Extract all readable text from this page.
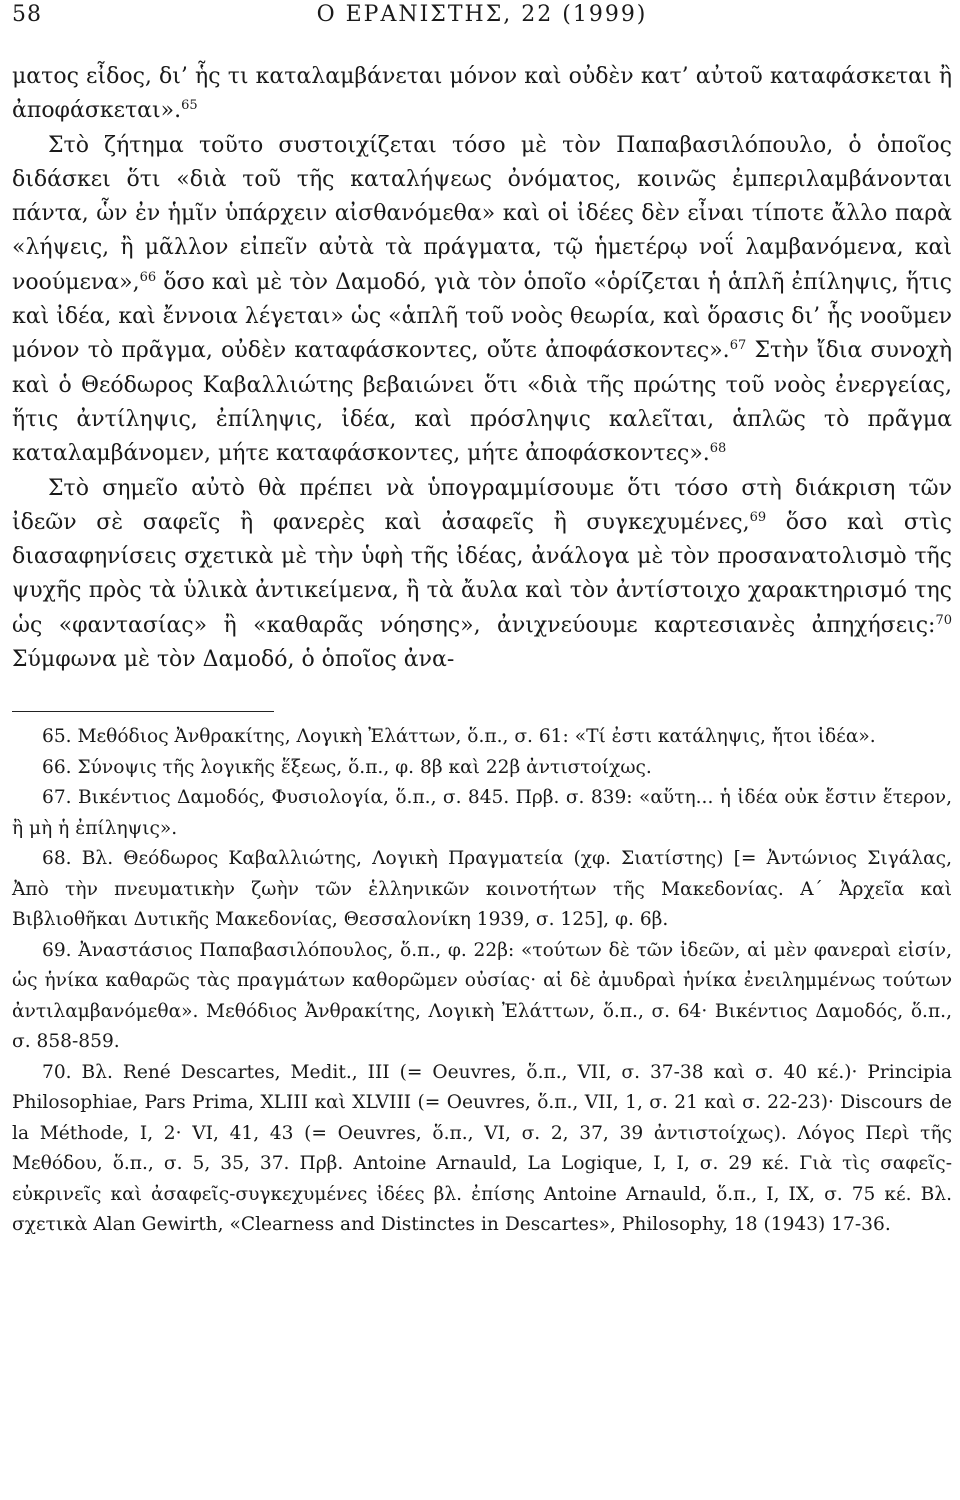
58	Ο ΕΡΑΝΙΣΤΗΣ, 22 (1999)

ματος εἶδος, δι’ ἧς τι καταλαμβάνεται μόνον καὶ οὐδὲν κατ’ αὐτοῦ καταφάσκεται ἢ ἀποφάσκεται».$^{65}$

Στὸ ζήτημα τοῦτο συστοιχίζεται τόσο μὲ τὸν Παπαβασιλόπουλο, ὁ ὁποῖος διδάσκει ὅτι «διὰ τοῦ τῆς καταλήψεως ὀνόματος, κοινῶς ἐμπεριλαμβάνονται πάντα, ὧν ἐν ἡμῖν ὑπάρχειν αἰσθανόμεθα» καὶ οἱ ἰδέες δὲν εἶναι τίποτε ἄλλο παρὰ «λήψεις, ἢ μᾶλλον εἰπεῖν αὐτὰ τὰ πράγματα, τῷ ἡμετέρῳ νοΐ λαμβανόμενα, καὶ νοούμενα»,$^{66}$ ὅσο καὶ μὲ τὸν Δαμοδό, γιὰ τὸν ὁποῖο «ὁρίζεται ἡ ἁπλῆ ἐπίληψις, ἥτις καὶ ἰδέα, καὶ ἔννοια λέγεται» ὡς «ἁπλῆ τοῦ νοὸς θεωρία, καὶ ὅρασις δι’ ἧς νοοῦμεν μόνον τὸ πρᾶγμα, οὐδὲν καταφάσκοντες, οὔτε ἀποφάσκοντες».$^{67}$ Στὴν ἴδια συνοχὴ καὶ ὁ Θεόδωρος Καβαλλιώτης βεβαιώνει ὅτι «διὰ τῆς πρώτης τοῦ νοὸς ἐνεργείας, ἥτις ἀντίληψις, ἐπίληψις, ἰδέα, καὶ πρόσληψις καλεῖται, ἁπλῶς τὸ πρᾶγμα καταλαμβάνομεν, μήτε καταφάσκοντες, μήτε ἀποφάσκοντες».$^{68}$

Στὸ σημεῖο αὐτὸ θὰ πρέπει νὰ ὑπογραμμίσουμε ὅτι τόσο στὴ διάκριση τῶν ἰδεῶν σὲ σαφεῖς ἢ φανερὲς καὶ ἀσαφεῖς ἢ συγκεχυμένες,$^{69}$ ὅσο καὶ στὶς διασαφηνίσεις σχετικὰ μὲ τὴν ὑφὴ τῆς ἰδέας, ἀνάλογα μὲ τὸν προσανατολισμὸ τῆς ψυχῆς πρὸς τὰ ὑλικὰ ἀντικείμενα, ἢ τὰ ἄυλα καὶ τὸν ἀντίστοιχο χαρακτηρισμό της ὡς «φαντασίας» ἢ «καθαρᾶς νόησης», ἀνιχνεύουμε καρτεσιανὲς ἀπηχήσεις:$^{70}$ Σύμφωνα μὲ τὸν Δαμοδό, ὁ ὁποῖος ἀνα-

65. Μεθόδιος Ἀνθρακίτης, Λογικὴ Ἐλάττων, ὅ.π., σ. 61: «Τί ἐστι κατάληψις, ἤτοι ἰδέα».

66. Σύνοψις τῆς λογικῆς ἕξεως, ὅ.π., φ. 8β καὶ 22β ἀντιστοίχως.

67. Βικέντιος Δαμοδός, Φυσιολογία, ὅ.π., σ. 845. Πρβ. σ. 839: «αὕτη... ἡ ἰδέα οὐκ ἔστιν ἕτερον, ἢ μὴ ἡ ἐπίληψις».

68. Βλ. Θεόδωρος Καβαλλιώτης, Λογικὴ Πραγματεία (χφ. Σιατίστης) [= Ἀντώνιος Σιγάλας, Ἀπὸ τὴν πνευματικὴν ζωὴν τῶν ἑλληνικῶν κοινοτήτων τῆς Μακεδονίας. Α΄ Ἀρχεῖα καὶ Βιβλιοθῆκαι Δυτικῆς Μακεδονίας, Θεσσαλονίκη 1939, σ. 125], φ. 6β.

69. Ἀναστάσιος Παπαβασιλόπουλος, ὅ.π., φ. 22β: «τούτων δὲ τῶν ἰδεῶν, αἱ μὲν φανεραὶ εἰσίν, ὡς ἡνίκα καθαρῶς τὰς πραγμάτων καθορῶμεν οὐσίας· αἱ δὲ ἀμυδραὶ ἡνίκα ἐνειλημμένως τούτων ἀντιλαμβανόμεθα». Μεθόδιος Ἀνθρακίτης, Λογικὴ Ἐλάττων, ὅ.π., σ. 64· Βικέντιος Δαμοδός, ὅ.π., σ. 858-859.

70. Βλ. René Descartes, Medit., III (= Oeuvres, ὅ.π., VII, σ. 37-38 καὶ σ. 40 κέ.)· Principia Philosophiae, Pars Prima, XLIII καὶ XLVIII (= Oeuvres, ὅ.π., VII, 1, σ. 21 καὶ σ. 22-23)· Discours de la Méthode, I, 2· VI, 41, 43 (= Oeuvres, ὅ.π., VI, σ. 2, 37, 39 ἀντιστοίχως). Λόγος Περὶ τῆς Μεθόδου, ὅ.π., σ. 5, 35, 37. Πρβ. Antoine Arnauld, La Logique, I, I, σ. 29 κέ. Γιὰ τὶς σαφεῖς-εὐκρινεῖς καὶ ἀσαφεῖς-συγκεχυμένες ἰδέες βλ. ἐπίσης Antoine Arnauld, ὅ.π., I, IX, σ. 75 κέ. Βλ. σχετικὰ Alan Gewirth, «Clearness and Distinctes in Descartes», Philosophy, 18 (1943) 17-36.
